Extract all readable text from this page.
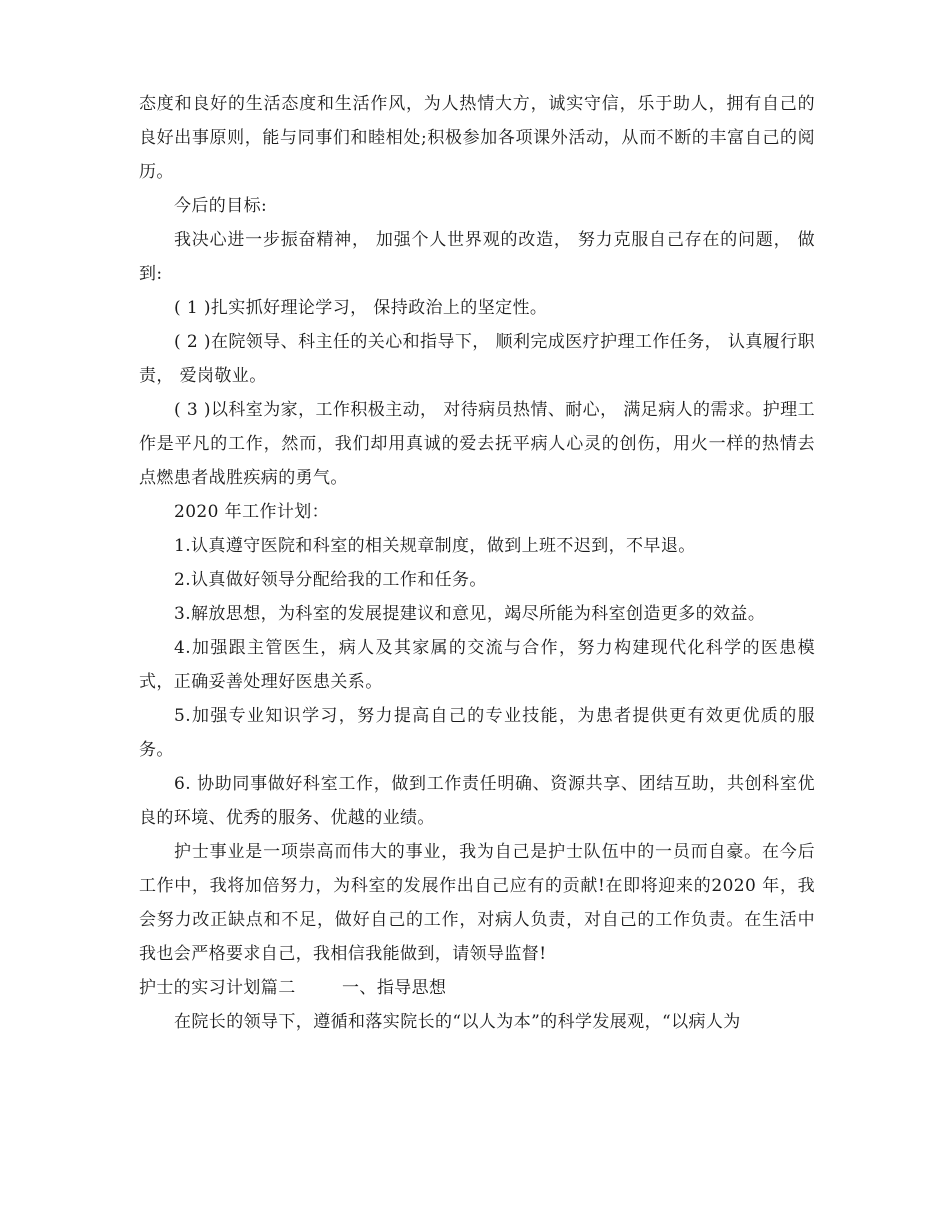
态度和良好的生活态度和生活作风，为人热情大方，诚实守信，乐于助人，拥有自己的良好出事原则，能与同事们和睦相处;积极参加各项课外活动，从而不断的丰富自己的阅历。

今后的目标:

我决心进一步振奋精神， 加强个人世界观的改造， 努力克服自己存在的问题， 做到:

( 1 )扎实抓好理论学习， 保持政治上的坚定性。

( 2 )在院领导、科主任的关心和指导下， 顺利完成医疗护理工作任务， 认真履行职责， 爱岗敬业。

( 3 )以科室为家，工作积极主动， 对待病员热情、耐心， 满足病人的需求。护理工作是平凡的工作，然而，我们却用真诚的爱去抚平病人心灵的创伤，用火一样的热情去点燃患者战胜疾病的勇气。

2020 年工作计划：

1.认真遵守医院和科室的相关规章制度，做到上班不迟到，不早退。

2.认真做好领导分配给我的工作和任务。

3.解放思想，为科室的发展提建议和意见，竭尽所能为科室创造更多的效益。

4.加强跟主管医生，病人及其家属的交流与合作，努力构建现代化科学的医患模式，正确妥善处理好医患关系。

5.加强专业知识学习，努力提高自己的专业技能，为患者提供更有效更优质的服务。

6. 协助同事做好科室工作，做到工作责任明确、资源共享、团结互助，共创科室优良的环境、优秀的服务、优越的业绩。

护士事业是一项崇高而伟大的事业，我为自己是护士队伍中的一员而自豪。在今后工作中，我将加倍努力，为科室的发展作出自己应有的贡献!在即将迎来的2020 年，我会努力改正缺点和不足，做好自己的工作，对病人负责，对自己的工作负责。在生活中我也会严格要求自己，我相信我能做到，请领导监督!

护士的实习计划篇二        一、指导思想

在院长的领导下，遵循和落实院长的“以人为本”的科学发展观，“以病人为
